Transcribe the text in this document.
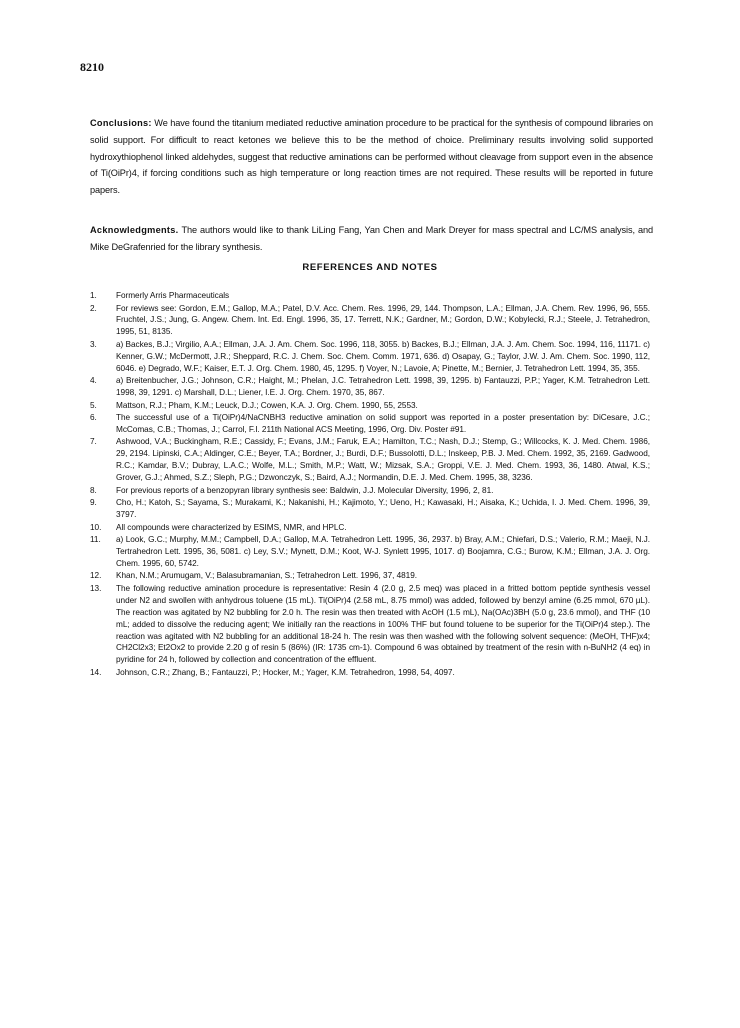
8210
Conclusions: We have found the titanium mediated reductive amination procedure to be practical for the synthesis of compound libraries on solid support. For difficult to react ketones we believe this to be the method of choice. Preliminary results involving solid supported hydroxythiophenol linked aldehydes, suggest that reductive aminations can be performed without cleavage from support even in the absence of Ti(OiPr)4, if forcing conditions such as high temperature or long reaction times are not required. These results will be reported in future papers.
Acknowledgments. The authors would like to thank LiLing Fang, Yan Chen and Mark Dreyer for mass spectral and LC/MS analysis, and Mike DeGrafenried for the library synthesis.
REFERENCES AND NOTES
1.	Formerly Arris Pharmaceuticals
2.	For reviews see: Gordon, E.M.; Gallop, M.A.; Patel, D.V. Acc. Chem. Res. 1996, 29, 144. Thompson, L.A.; Ellman, J.A. Chem. Rev. 1996, 96, 555. Fruchtel, J.S.; Jung, G. Angew. Chem. Int. Ed. Engl. 1996, 35, 17. Terrett, N.K.; Gardner, M.; Gordon, D.W.; Kobylecki, R.J.; Steele, J. Tetrahedron, 1995, 51, 8135.
3.	a) Backes, B.J.; Virgilio, A.A.; Ellman, J.A. J. Am. Chem. Soc. 1996, 118, 3055. b) Backes, B.J.; Ellman, J.A. J. Am. Chem. Soc. 1994, 116, 11171. c) Kenner, G.W.; McDermott, J.R.; Sheppard, R.C. J. Chem. Soc. Chem. Comm. 1971, 636. d) Osapay, G.; Taylor, J.W. J. Am. Chem. Soc. 1990, 112, 6046. e) Degrado, W.F.; Kaiser, E.T. J. Org. Chem. 1980, 45, 1295. f) Voyer, N.; Lavoie, A; Pinette, M.; Bernier, J. Tetrahedron Lett. 1994, 35, 355.
4.	a) Breitenbucher, J.G.; Johnson, C.R.; Haight, M.; Phelan, J.C. Tetrahedron Lett. 1998, 39, 1295. b) Fantauzzi, P.P.; Yager, K.M. Tetrahedron Lett. 1998, 39, 1291. c) Marshall, D.L.; Liener, I.E. J. Org. Chem. 1970, 35, 867.
5.	Mattson, R.J.; Pham, K.M.; Leuck, D.J.; Cowen, K.A. J. Org. Chem. 1990, 55, 2553.
6.	The successful use of a Ti(OiPr)4/NaCNBH3 reductive amination on solid support was reported in a poster presentation by: DiCesare, J.C.; McComas, C.B.; Thomas, J.; Carrol, F.I. 211th National ACS Meeting, 1996, Org. Div. Poster #91.
7.	Ashwood, V.A.; Buckingham, R.E.; Cassidy, F.; Evans, J.M.; Faruk, E.A.; Hamilton, T.C.; Nash, D.J.; Stemp, G.; Willcocks, K. J. Med. Chem. 1986, 29, 2194. Lipinski, C.A.; Aldinger, C.E.; Beyer, T.A.; Bordner, J.; Burdi, D.F.; Bussolotti, D.L.; Inskeep, P.B. J. Med. Chem. 1992, 35, 2169. Gadwood, R.C.; Kamdar, B.V.; Dubray, L.A.C.; Wolfe, M.L.; Smith, M.P.; Watt, W.; Mizsak, S.A.; Groppi, V.E. J. Med. Chem. 1993, 36, 1480. Atwal, K.S.; Grover, G.J.; Ahmed, S.Z.; Sleph, P.G.; Dzwonczyk, S.; Baird, A.J.; Normandin, D.E. J. Med. Chem. 1995, 38, 3236.
8.	For previous reports of a benzopyran library synthesis see: Baldwin, J.J. Molecular Diversity, 1996, 2, 81.
9.	Cho, H.; Katoh, S.; Sayama, S.; Murakami, K.; Nakanishi, H.; Kajimoto, Y.; Ueno, H.; Kawasaki, H.; Aisaka, K.; Uchida, I. J. Med. Chem. 1996, 39, 3797.
10.	All compounds were characterized by ESIMS, NMR, and HPLC.
11.	a) Look, G.C.; Murphy, M.M.; Campbell, D.A.; Gallop, M.A. Tetrahedron Lett. 1995, 36, 2937. b) Bray, A.M.; Chiefari, D.S.; Valerio, R.M.; Maeji, N.J. Tertrahedron Lett. 1995, 36, 5081. c) Ley, S.V.; Mynett, D.M.; Koot, W-J. Synlett 1995, 1017. d) Boojamra, C.G.; Burow, K.M.; Ellman, J.A. J. Org. Chem. 1995, 60, 5742.
12.	Khan, N.M.; Arumugam, V.; Balasubramanian, S.; Tetrahedron Lett. 1996, 37, 4819.
13.	The following reductive amination procedure is representative: Resin 4 (2.0 g, 2.5 meq) was placed in a fritted bottom peptide synthesis vessel under N2 and swollen with anhydrous toluene (15 mL). Ti(OiPr)4 (2.58 mL, 8.75 mmol) was added, followed by benzyl amine (6.25 mmol, 670 µL). The reaction was agitated by N2 bubbling for 2.0 h. The resin was then treated with AcOH (1.5 mL), Na(OAc)3BH (5.0 g, 23.6 mmol), and THF (10 mL; added to dissolve the reducing agent; We initially ran the reactions in 100% THF but found toluene to be superior for the Ti(OiPr)4 step.). The reaction was agitated with N2 bubbling for an additional 18-24 h. The resin was then washed with the following solvent sequence: (MeOH, THF)x4; CH2Cl2x3; Et2Ox2 to provide 2.20 g of resin 5 (86%) (IR: 1735 cm-1). Compound 6 was obtained by treatment of the resin with n-BuNH2 (4 eq) in pyridine for 24 h, followed by collection and concentration of the effluent.
14.	Johnson, C.R.; Zhang, B.; Fantauzzi, P.; Hocker, M.; Yager, K.M. Tetrahedron, 1998, 54, 4097.
